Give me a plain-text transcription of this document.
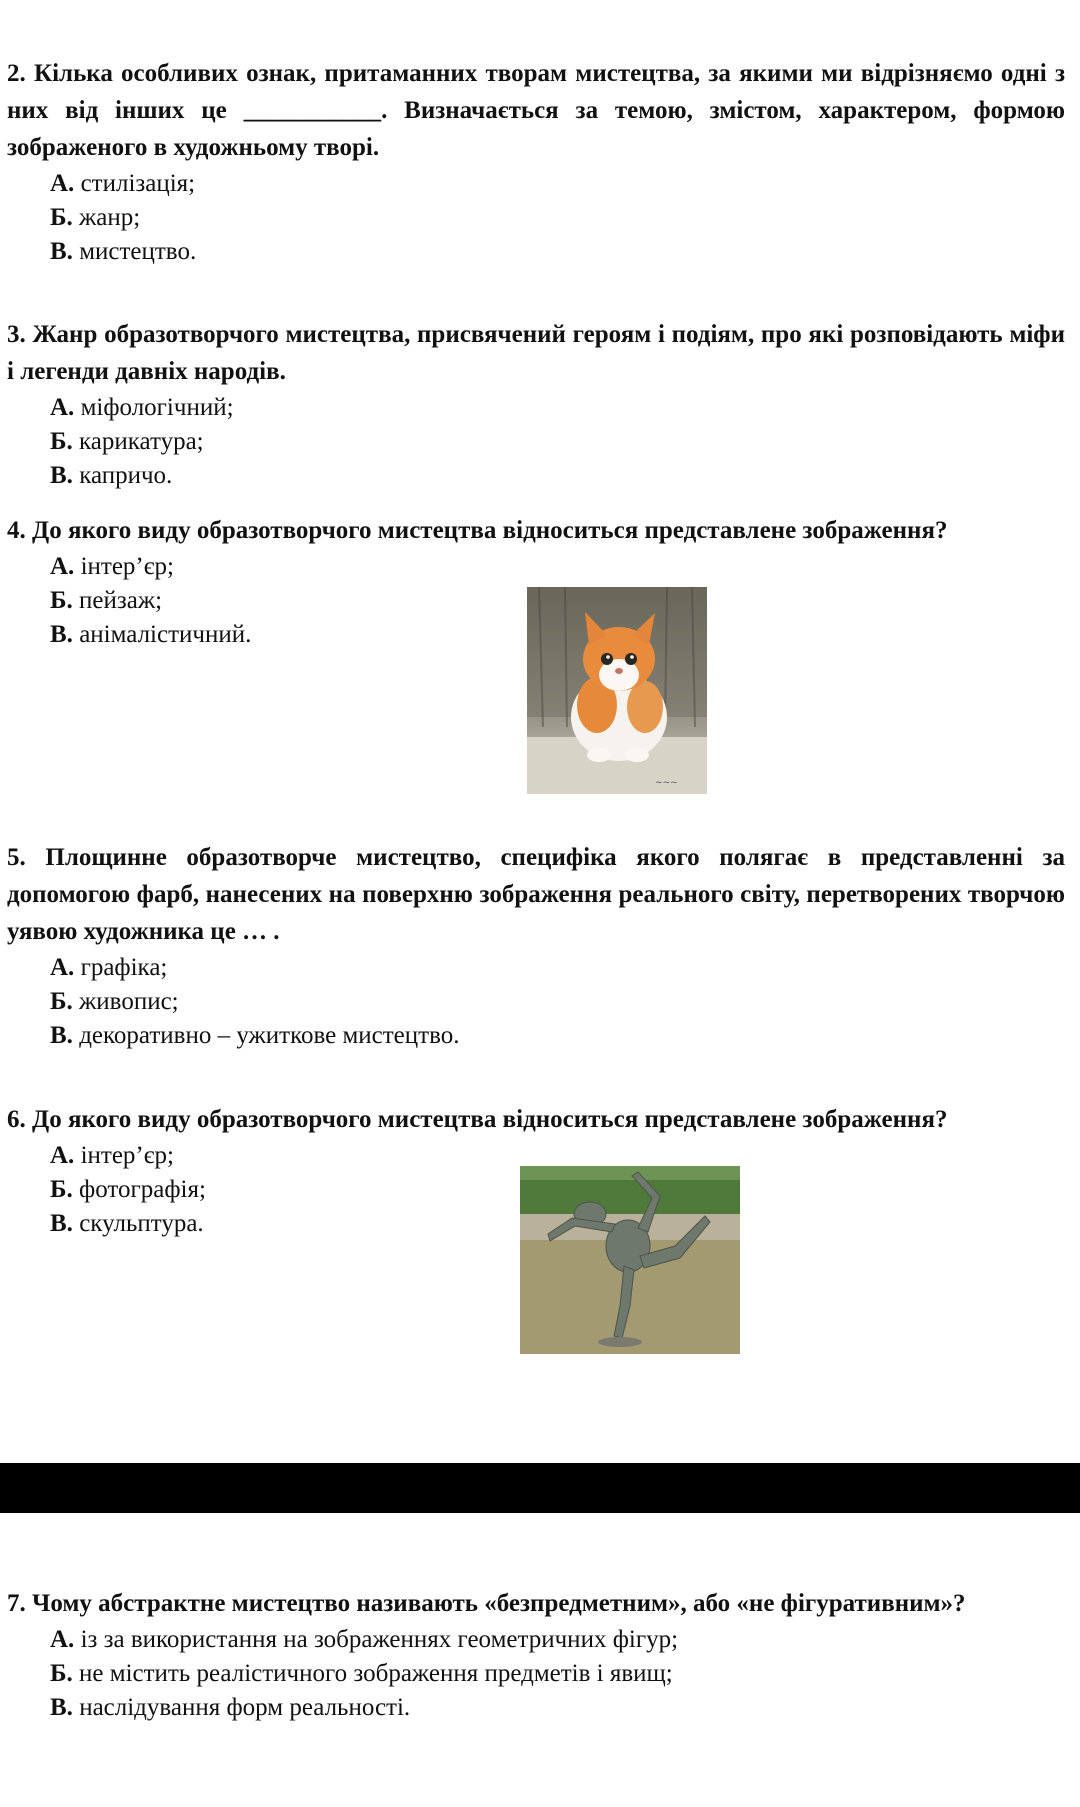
2. Кілька особливих ознак, притаманних творам мистецтва, за якими ми відрізняємо одні з них від інших це ___________. Визначається за темою, змістом, характером, формою зображеного в художньому творі.

А. стилізація;
Б. жанр;
В. мистецтво.

3. Жанр образотворчого мистецтва, присвячений героям і подіям, про які розповідають міфи і легенди давніх народів.

А. міфологічний;
Б. карикатура;
В. капричо.

4. До якого виду образотворчого мистецтва відноситься представлене зображення?

А. інтер’єр;
Б. пейзаж;
В. анімалістичний.
~~~

5. Площинне образотворче мистецтво, специфіка якого полягає в представленні за допомогою фарб, нанесених на поверхню зображення реального світу, перетворених творчою уявою художника це … .

А. графіка;
Б. живопис;
В. декоративно – ужиткове мистецтво.

6. До якого виду образотворчого мистецтва відноситься представлене зображення?

А. інтер’єр;
Б. фотографія;
В. скульптура.

7. Чому абстрактне мистецтво називають «безпредметним», або «не фігуративним»?

А. із за використання на зображеннях геометричних фігур;
Б. не містить реалістичного зображення предметів і явищ;
В. наслідування форм реальності.
